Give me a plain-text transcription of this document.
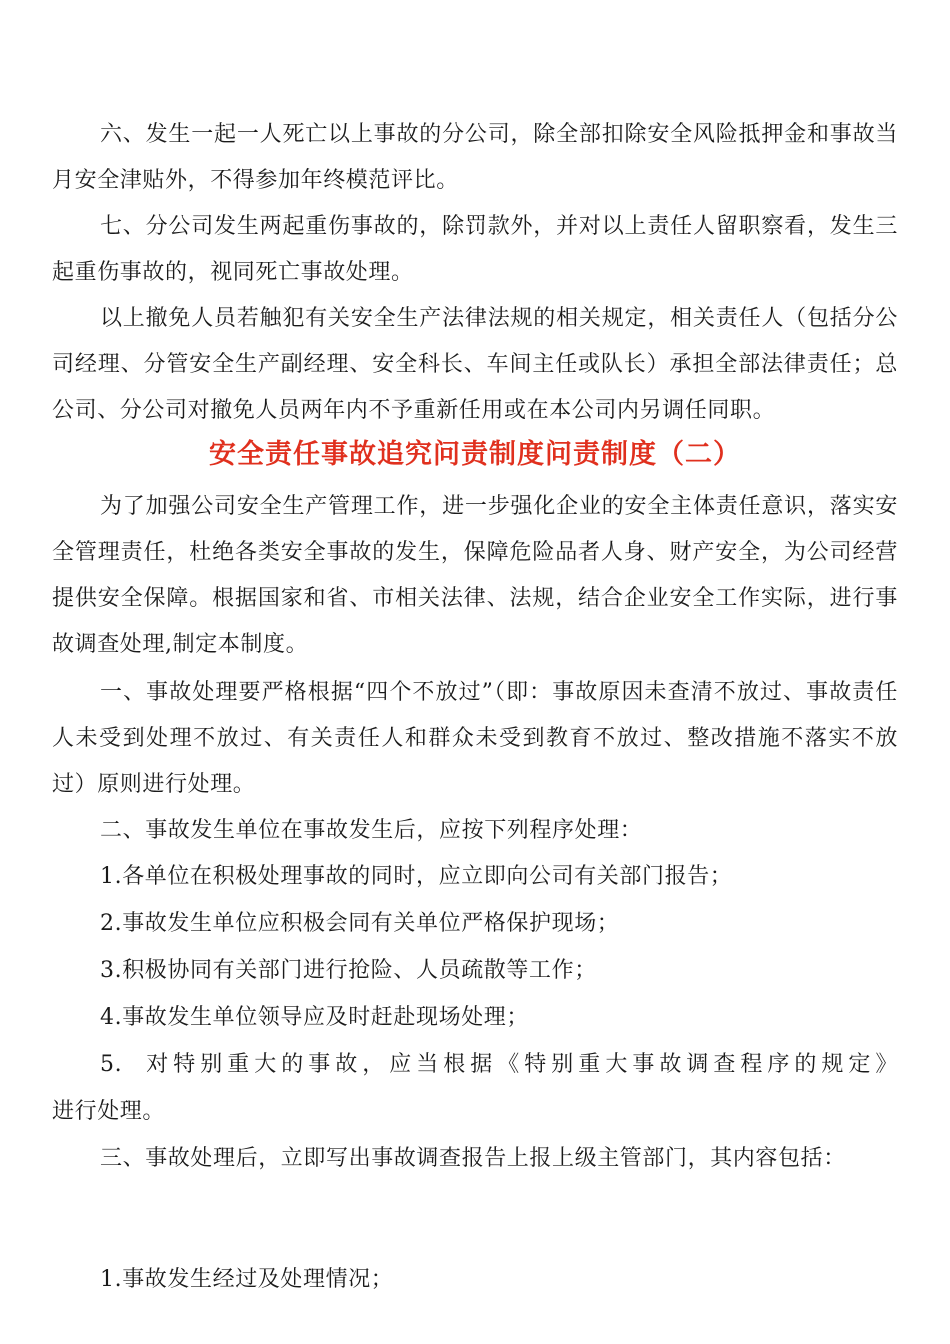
六、发生一起一人死亡以上事故的分公司，除全部扣除安全风险抵押金和事故当月安全津贴外，不得参加年终模范评比。

七、分公司发生两起重伤事故的，除罚款外，并对以上责任人留职察看，发生三起重伤事故的，视同死亡事故处理。

以上撤免人员若触犯有关安全生产法律法规的相关规定，相关责任人（包括分公司经理、分管安全生产副经理、安全科长、车间主任或队长）承担全部法律责任；总公司、分公司对撤免人员两年内不予重新任用或在本公司内另调任同职。

安全责任事故追究问责制度问责制度（二）

为了加强公司安全生产管理工作，进一步强化企业的安全主体责任意识，落实安全管理责任，杜绝各类安全事故的发生，保障危险品者人身、财产安全，为公司经营提供安全保障。根据国家和省、市相关法律、法规，结合企业安全工作实际，进行事故调查处理,制定本制度。

一、事故处理要严格根据“四个不放过”（即：事故原因未查清不放过、事故责任人未受到处理不放过、有关责任人和群众未受到教育不放过、整改措施不落实不放过）原则进行处理。

二、事故发生单位在事故发生后，应按下列程序处理：

1.各单位在积极处理事故的同时，应立即向公司有关部门报告；

2.事故发生单位应积极会同有关单位严格保护现场；

3.积极协同有关部门进行抢险、人员疏散等工作；

4.事故发生单位领导应及时赶赴现场处理；

5.  对特别重大的事故，应当根据《特别重大事故调查程序的规定》

进行处理。

三、事故处理后，立即写出事故调查报告上报上级主管部门，其内容包括：

1.事故发生经过及处理情况；
